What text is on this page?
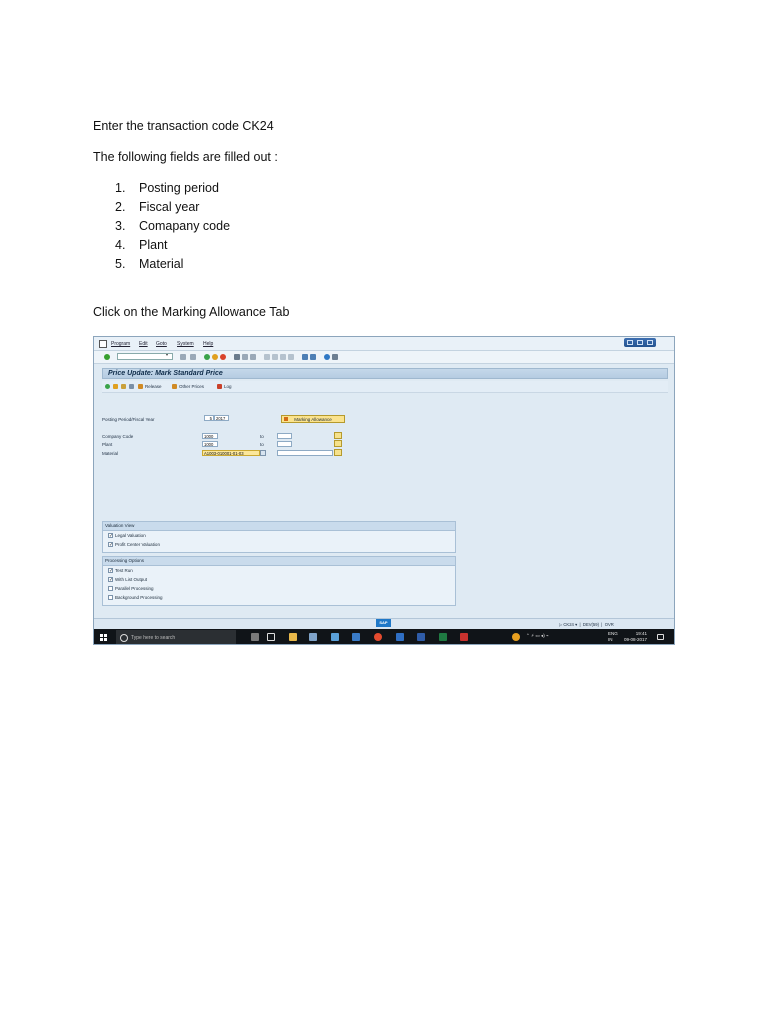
Enter the transaction code CK24
The following fields are filled out :
1.	Posting period
2.	Fiscal year
3.	Comapany code
4.	Plant
5.	Material
Click on the Marking Allowance Tab
Program Edit Goto System Help
▾
Price Update: Mark Standard Price
Release	Other Prices	Log
Posting Period/Fiscal Year	5 2017	Marking Allowance
Company Code	1000	to
Plant	1000	to
Material	A1003-010001-01-03
Valuation View
✓ Legal Valuation
✓ Profit Center Valuation
Processing Options
✓ Test Run
✓ With List Output
Parallel Processing
Background Processing
SAP	▷ CK24 ▾  |  DEV(59)  |  OVR
Type here to search	⌃ ⚡ ▭ ◂) ⌁	ENG
IN
19:41
09-08-2017
